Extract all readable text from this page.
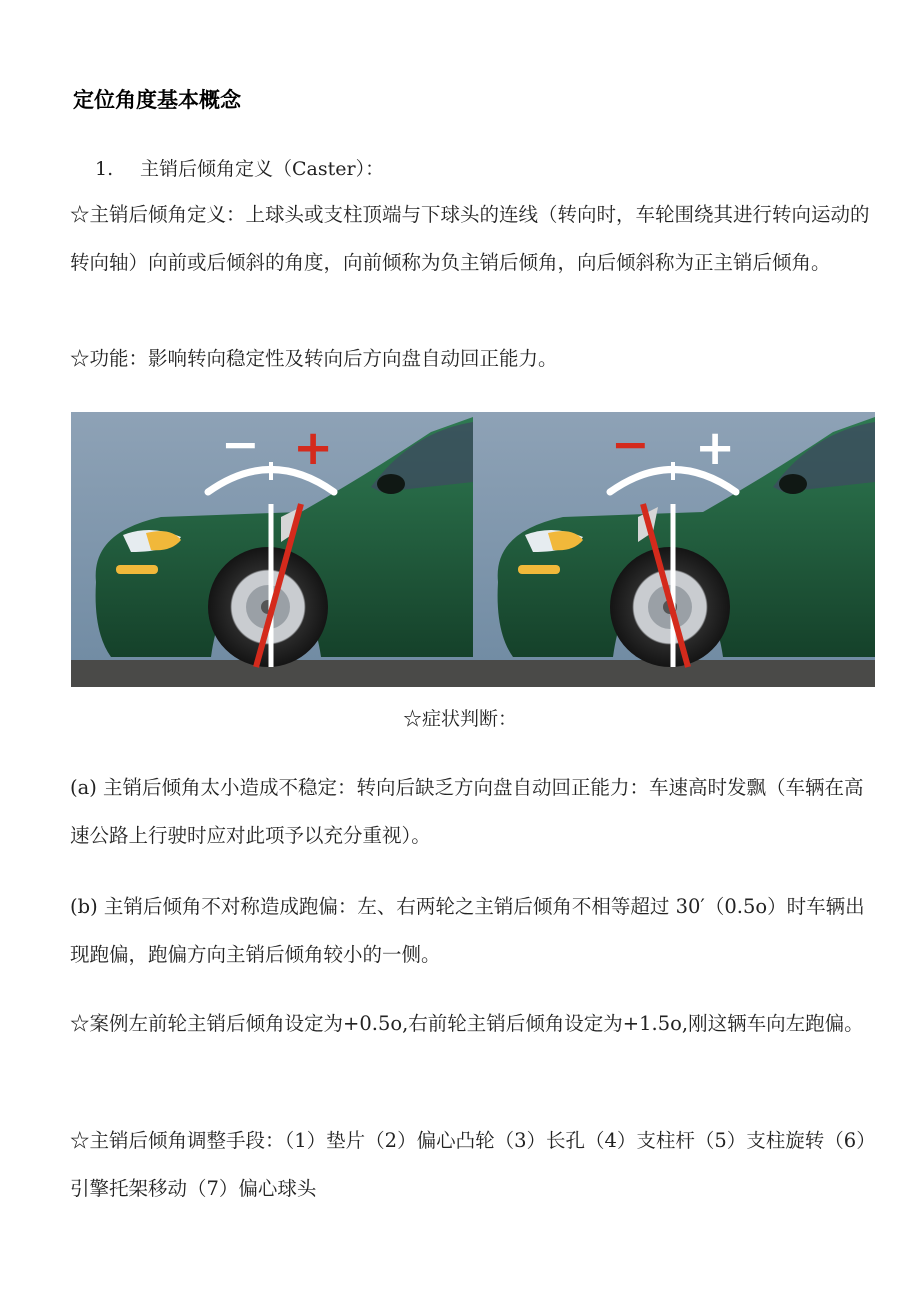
定位角度基本概念
1. 主销后倾角定义（Caster）：

☆主销后倾角定义：上球头或支柱顶端与下球头的连线（转向时，车轮围绕其进行转向运动的转向轴）向前或后倾斜的角度，向前倾称为负主销后倾角，向后倾斜称为正主销后倾角。

☆功能：影响转向稳定性及转向后方向盘自动回正能力。

− +	− +
☆症状判断：

(a) 主销后倾角太小造成不稳定：转向后缺乏方向盘自动回正能力：车速高时发飘（车辆在高速公路上行驶时应对此项予以充分重视）。

(b) 主销后倾角不对称造成跑偏：左、右两轮之主销后倾角不相等超过 30′（0.5o）时车辆出现跑偏，跑偏方向主销后倾角较小的一侧。

☆案例左前轮主销后倾角设定为+0.5o,右前轮主销后倾角设定为+1.5o,刚这辆车向左跑偏。

☆主销后倾角调整手段：（1）垫片（2）偏心凸轮（3）长孔（4）支柱杆（5）支柱旋转（6）引擎托架移动（7）偏心球头
